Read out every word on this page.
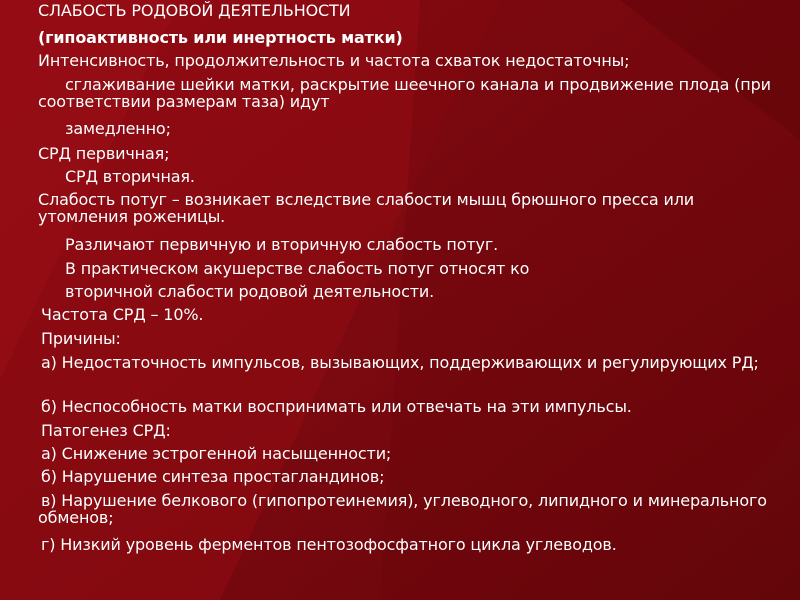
СЛАБОСТЬ РОДОВОЙ ДЕЯТЕЛЬНОСТИ
(гипоактивность или инертность матки)
Интенсивность, продолжительность и частота схваток недостаточны;
сглаживание шейки матки, раскрытие шеечного канала и продвижение плода (при соответствии размерам таза) идут
замедленно;
СРД первичная;
СРД вторичная.
Слабость потуг – возникает вследствие слабости мышц брюшного пресса или утомления роженицы.
Различают первичную и вторичную слабость потуг.
В практическом акушерстве слабость потуг относят ко
вторичной слабости родовой деятельности.
Частота СРД – 10%.
Причины:
а) Недостаточность импульсов, вызывающих, поддерживающих и регулирующих РД;
б) Неспособность матки воспринимать или отвечать на эти импульсы.
Патогенез СРД:
а) Снижение эстрогенной насыщенности;
б) Нарушение синтеза простагландинов;
в) Нарушение белкового (гипопротеинемия), углеводного, липидного и минерального обменов;
г) Низкий уровень ферментов пентозофосфатного цикла углеводов.
